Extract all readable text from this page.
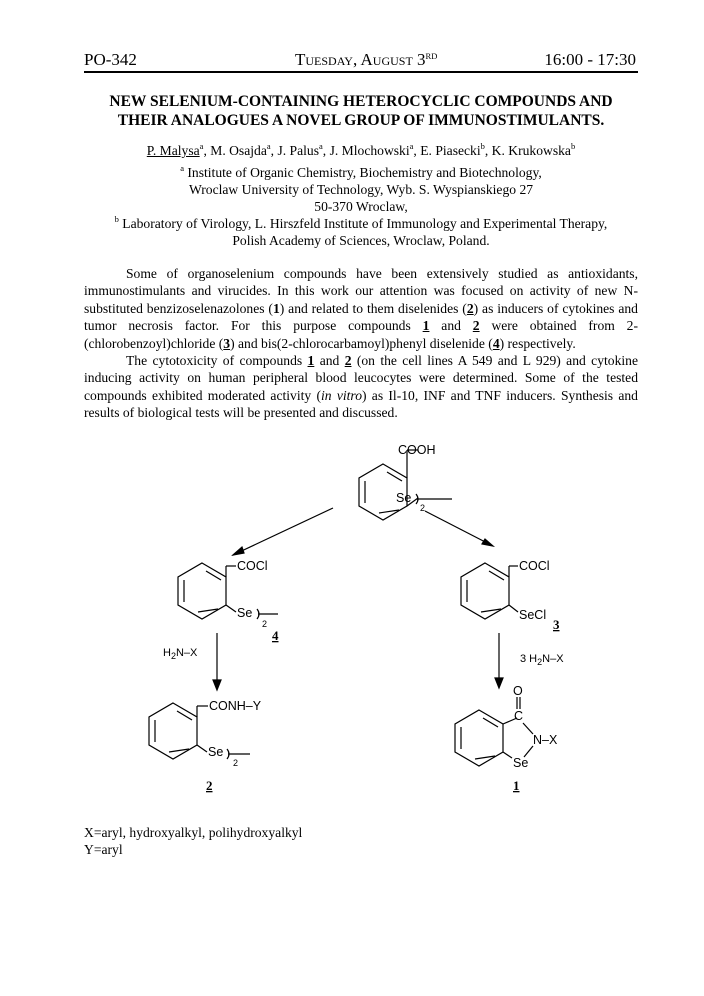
PO-342	Tuesday, August 3RD	16:00 - 17:30
NEW SELENIUM-CONTAINING HETEROCYCLIC COMPOUNDS AND
THEIR ANALOGUES A NOVEL GROUP OF IMMUNOSTIMULANTS.
P. Malysa$^a$, M. Osajda$^a$, J. Palus$^a$, J. Mlochowski$^a$, E. Piasecki$^b$, K. Krukowska$^b$
$^a$ Institute of Organic Chemistry, Biochemistry and Biotechnology,
Wroclaw University of Technology, Wyb. S. Wyspianskiego 27
50-370 Wroclaw,
$^b$ Laboratory of Virology, L. Hirszfeld Institute of Immunology and Experimental Therapy,
Polish Academy of Sciences, Wroclaw, Poland.

Some of organoselenium compounds have been extensively studied as antioxidants, immunostimulants and virucides. In this work our attention was focused on activity of new N-substituted benzizoselenazolones (1) and related to them diselenides (2) as inducers of cytokines and tumor necrosis factor. For this purpose compounds 1 and 2 were obtained from 2-(chlorobenzoyl)chloride (3) and bis(2-chlorocarbamoyl)phenyl diselenide (4) respectively.

The cytotoxicity of compounds 1 and 2 (on the cell lines A 549 and L 929) and cytokine inducing activity on human peripheral blood leucocytes were determined. Some of the tested compounds exhibited moderated activity (in vitro) as Il-10, INF and TNF inducers. Synthesis and results of biological tests will be presented and discussed.

COOH
Se
2
COCl
Se
2
4
COCl
SeCl
3
$H_2N-X$	3 $H_2N-X$
CONH–Y
Se
2
2
C
O
N–X
Se
1
X=aryl, hydroxyalkyl, polihydroxyalkyl
Y=aryl
